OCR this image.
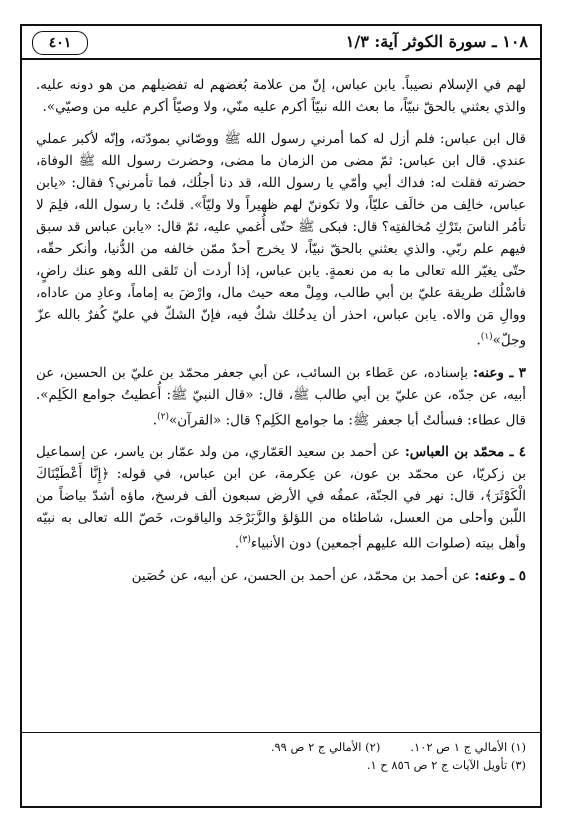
١٠٨ ـ سورة الكوثر آية: ١/٣
٤٠١

لهم في الإسلام نصيباً. يابن عباس، إنّ من علامة بُغضهم له تفضيلهم من هو دونه عليه. والذي بعثني بالحقّ نبيّاً، ما بعث الله نبيّاً أكرم عليه منّي، ولا وصيّاً أكرم عليه من وصيّي».

قال ابن عباس: فلم أزل له كما أمرني رسول الله ﷺ ووصّاني بمودّته، وإنّه لأكبر عملي عندي. قال ابن عباس: ثمّ مضى من الزمان ما مضى، وحضرت رسول الله ﷺ الوفاة، حضرته فقلت له: فداك أبي وأمّي يا رسول الله، قد دنا أجلُك، فما تأمرني؟ فقال: «يابن عباس، خالِف من خالَف عليّاً، ولا تكوننّ لهم ظهيراً ولا وليّاً». قلتُ: يا رسول الله، فلِمَ لا تأمُر الناسَ بتَرْكِ مُخالفتِه؟ قال: فبكى ﷺ حتّى أُغمي عليه، ثمّ قال: «يابن عباس قد سبق فيهم علم ربّي. والذي بعثني بالحقّ نبيّاً، لا يخرج أحدٌ ممّن خالفه من الدُّنيا، وأنكر حقّه، حتّى يغيّر الله تعالى ما به من نعمةٍ. يابن عباس، إذا أردت أن تَلقى الله وهو عنك راضٍ، فاسْلُك طريقة عليّ بن أبي طالب، ومِلْ معه حيث مال، وارْضَ به إماماً، وعادِ من عاداه، ووالِ مَن والاه. يابن عباس، احذر أن يدخُلك شكٌ فيه، فإنّ الشكّ في عليّ كُفرٌ بالله عزّ وجلّ»$^{(١)}$.

٣ ـ وعنه: بإسناده، عن عَطاء بن السائب، عن أبي جعفر محمّد بن عليّ بن الحسين، عن أبيه، عن جدّه، عن عليّ بن أبي طالب ﷺ، قال: «قال النبيّ ﷺ: أُعطيتُ جوامع الكَلِم». قال عطاء: فسألتُ أبا جعفر ﷺ: ما جوامع الكَلِم؟ قال: «القرآن»$^{(٢)}$.

٤ ـ محمّد بن العباس: عن أحمد بن سعيد العَمّاري، من ولد عمّار بن ياسر، عن إسماعيل بن زكريّا، عن محمّد بن عون، عن عِكرمة، عن ابن عباس، في قوله: ﴿إِنَّا أَعْطَيْنَاكَ الْكَوْثَرَ﴾، قال: نهر في الجنّة، عمقُه في الأرض سبعون ألف فرسخ، ماؤه أشدّ بياضاً من اللّبن وأحلى من العسل، شاطئاه من اللؤلؤ والزَّبَرْجَد والياقوت، خَصّ الله تعالى به نبيّه وأهل بيته (صلوات الله عليهم أجمعين) دون الأنبياء$^{(٣)}$.

٥ ـ وعنه: عن أحمد بن محمّد، عن أحمد بن الحسن، عن أبيه، عن حُصَين

(١) الأمالي ج ١ ص ١٠٢.
(٢) الأمالي ج ٢ ص ٩٩.
(٣) تأويل الآيات ج ٢ ص ٨٥٦ ح ١.
